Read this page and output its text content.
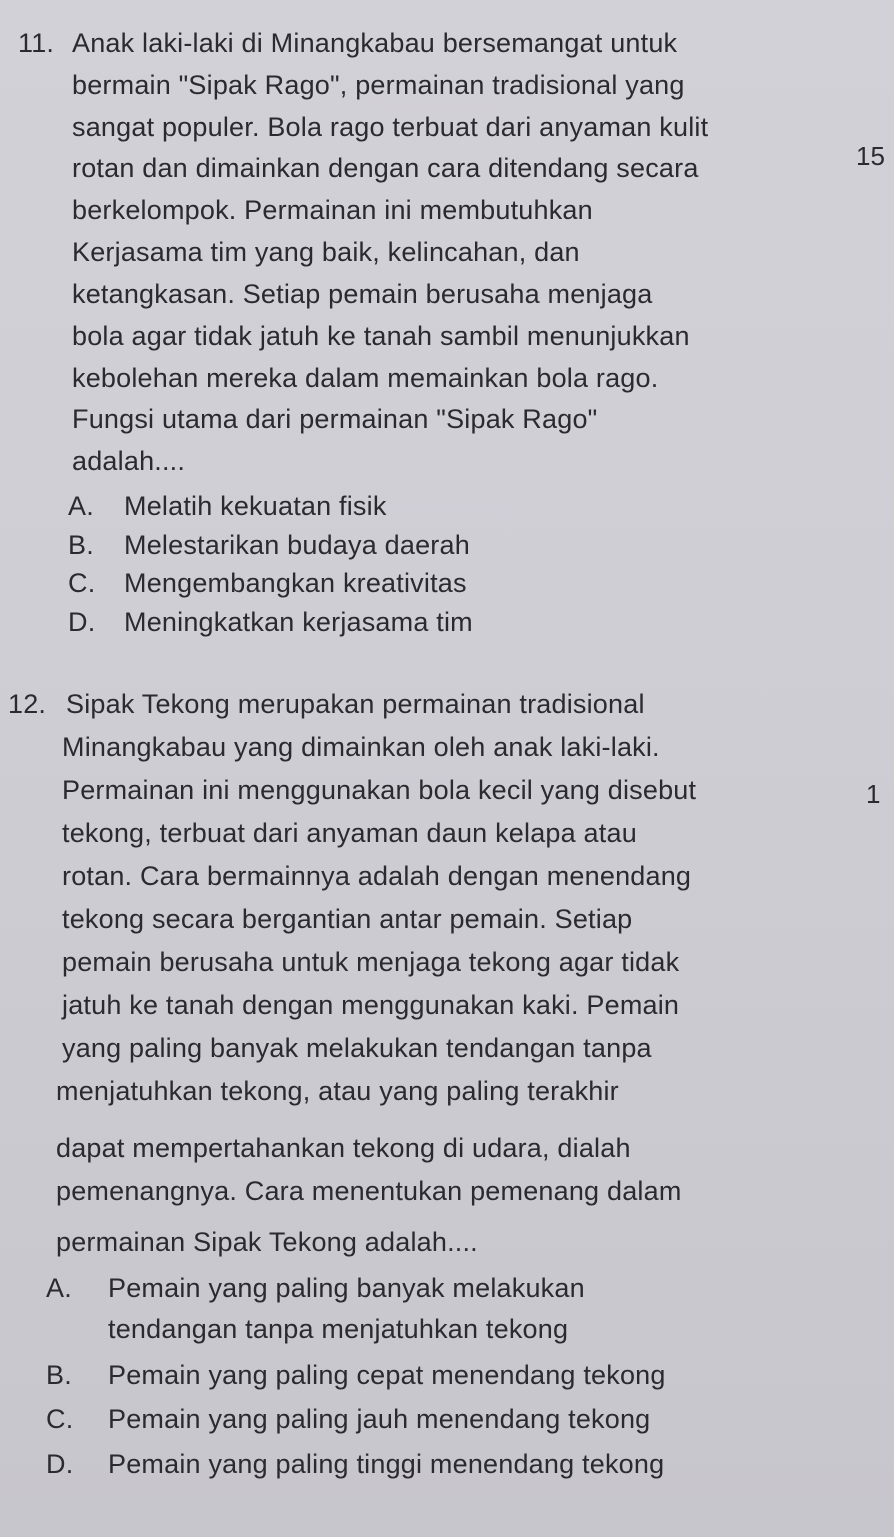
11. Anak laki-laki di Minangkabau bersemangat untuk
bermain "Sipak Rago", permainan tradisional yang
sangat populer. Bola rago terbuat dari anyaman kulit
rotan dan dimainkan dengan cara ditendang secara
berkelompok. Permainan ini membutuhkan
Kerjasama tim yang baik, kelincahan, dan
ketangkasan. Setiap pemain berusaha menjaga
bola agar tidak jatuh ke tanah sambil menunjukkan
kebolehan mereka dalam memainkan bola rago.
Fungsi utama dari permainan "Sipak Rago"
adalah....
15
A. Melatih kekuatan fisik
B. Melestarikan budaya daerah
C. Mengembangkan kreativitas
D. Meningkatkan kerjasama tim
12. Sipak Tekong merupakan permainan tradisional
Minangkabau yang dimainkan oleh anak laki-laki.
Permainan ini menggunakan bola kecil yang disebut
tekong, terbuat dari anyaman daun kelapa atau
rotan. Cara bermainnya adalah dengan menendang
tekong secara bergantian antar pemain. Setiap
pemain berusaha untuk menjaga tekong agar tidak
jatuh ke tanah dengan menggunakan kaki. Pemain
yang paling banyak melakukan tendangan tanpa
menjatuhkan tekong, atau yang paling terakhir
dapat mempertahankan tekong di udara, dialah
pemenangnya. Cara menentukan pemenang dalam
permainan Sipak Tekong adalah....
1
A. Pemain yang paling banyak melakukan
tendangan tanpa menjatuhkan tekong
B. Pemain yang paling cepat menendang tekong
C. Pemain yang paling jauh menendang tekong
D. Pemain yang paling tinggi menendang tekong
